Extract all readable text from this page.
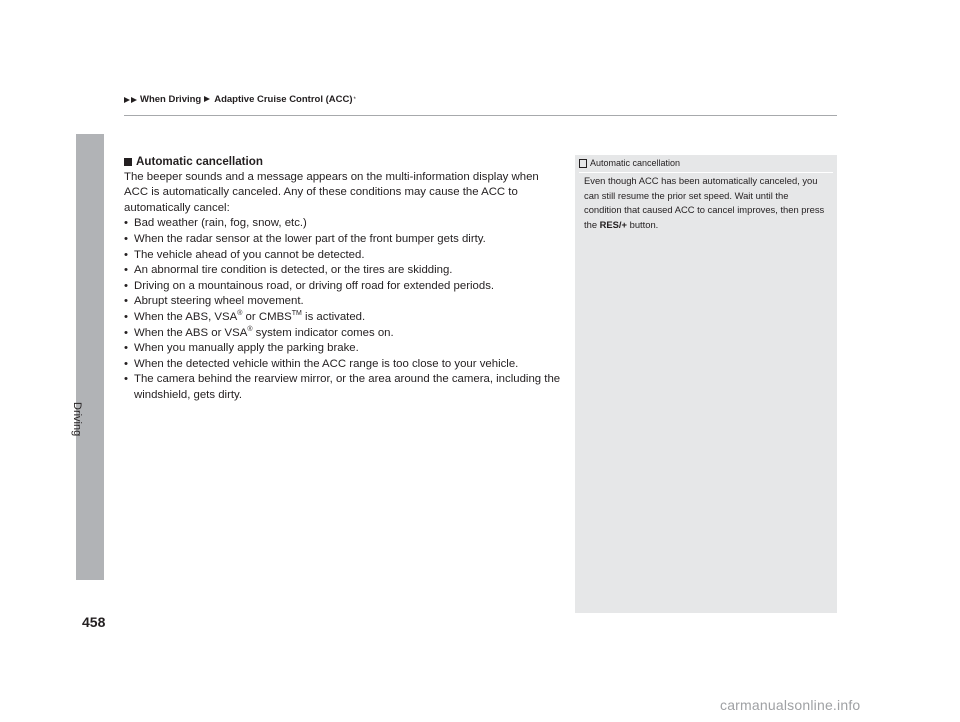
When Driving Adaptive Cruise Control (ACC) *
Driving
458
Automatic cancellation

The beeper sounds and a message appears on the multi-information display when ACC is automatically canceled. Any of these conditions may cause the ACC to automatically cancel:

• Bad weather (rain, fog, snow, etc.)
• When the radar sensor at the lower part of the front bumper gets dirty.
• The vehicle ahead of you cannot be detected.
• An abnormal tire condition is detected, or the tires are skidding.
• Driving on a mountainous road, or driving off road for extended periods.
• Abrupt steering wheel movement.
• When the ABS, VSA® or CMBS™ is activated.
• When the ABS or VSA® system indicator comes on.
• When you manually apply the parking brake.
• When the detected vehicle within the ACC range is too close to your vehicle.
• The camera behind the rearview mirror, or the area around the camera, including the windshield, gets dirty.
Automatic cancellation
Even though ACC has been automatically canceled, you can still resume the prior set speed. Wait until the condition that caused ACC to cancel improves, then press the RES/+ button.
carmanualsonline.info
